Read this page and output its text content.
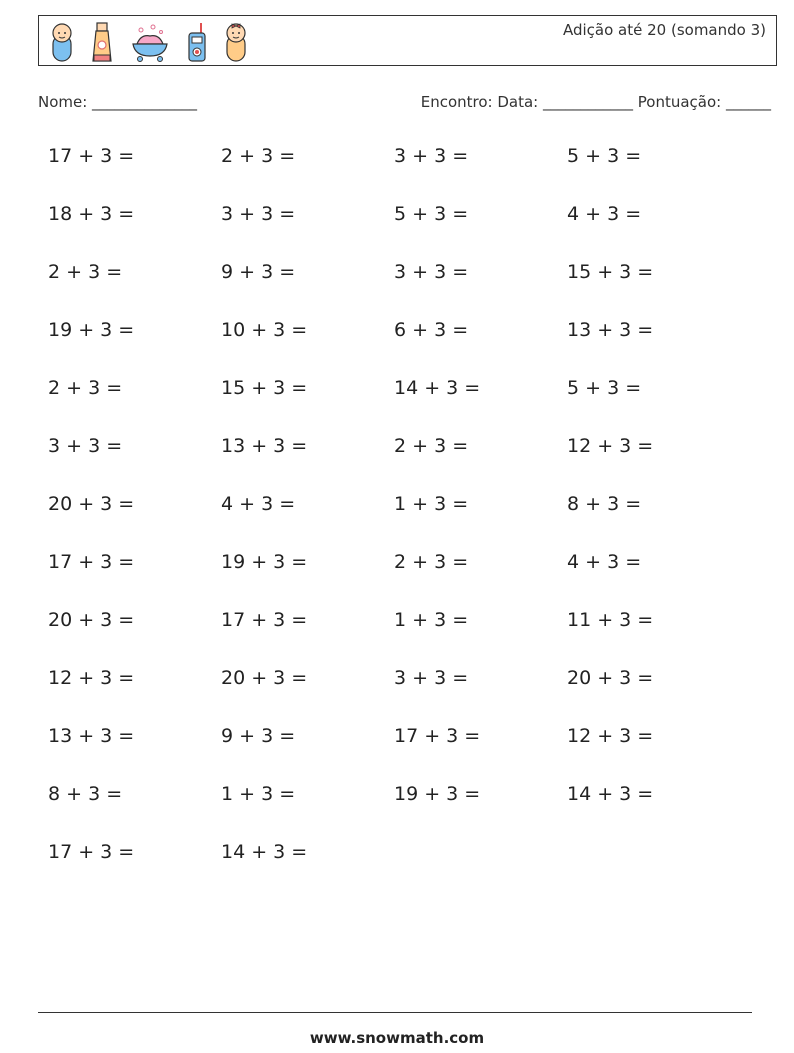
Adição até 20 (somando 3)
Nome: ______________	Encontro: Data: ____________ Pontuação: ______
17 + 3 =	2 + 3 =	3 + 3 =	5 + 3 =
18 + 3 =	3 + 3 =	5 + 3 =	4 + 3 =
2 + 3 =	9 + 3 =	3 + 3 =	15 + 3 =
19 + 3 =	10 + 3 =	6 + 3 =	13 + 3 =
2 + 3 =	15 + 3 =	14 + 3 =	5 + 3 =
3 + 3 =	13 + 3 =	2 + 3 =	12 + 3 =
20 + 3 =	4 + 3 =	1 + 3 =	8 + 3 =
17 + 3 =	19 + 3 =	2 + 3 =	4 + 3 =
20 + 3 =	17 + 3 =	1 + 3 =	11 + 3 =
12 + 3 =	20 + 3 =	3 + 3 =	20 + 3 =
13 + 3 =	9 + 3 =	17 + 3 =	12 + 3 =
8 + 3 =	1 + 3 =	19 + 3 =	14 + 3 =
17 + 3 =	14 + 3 =
www.snowmath.com
